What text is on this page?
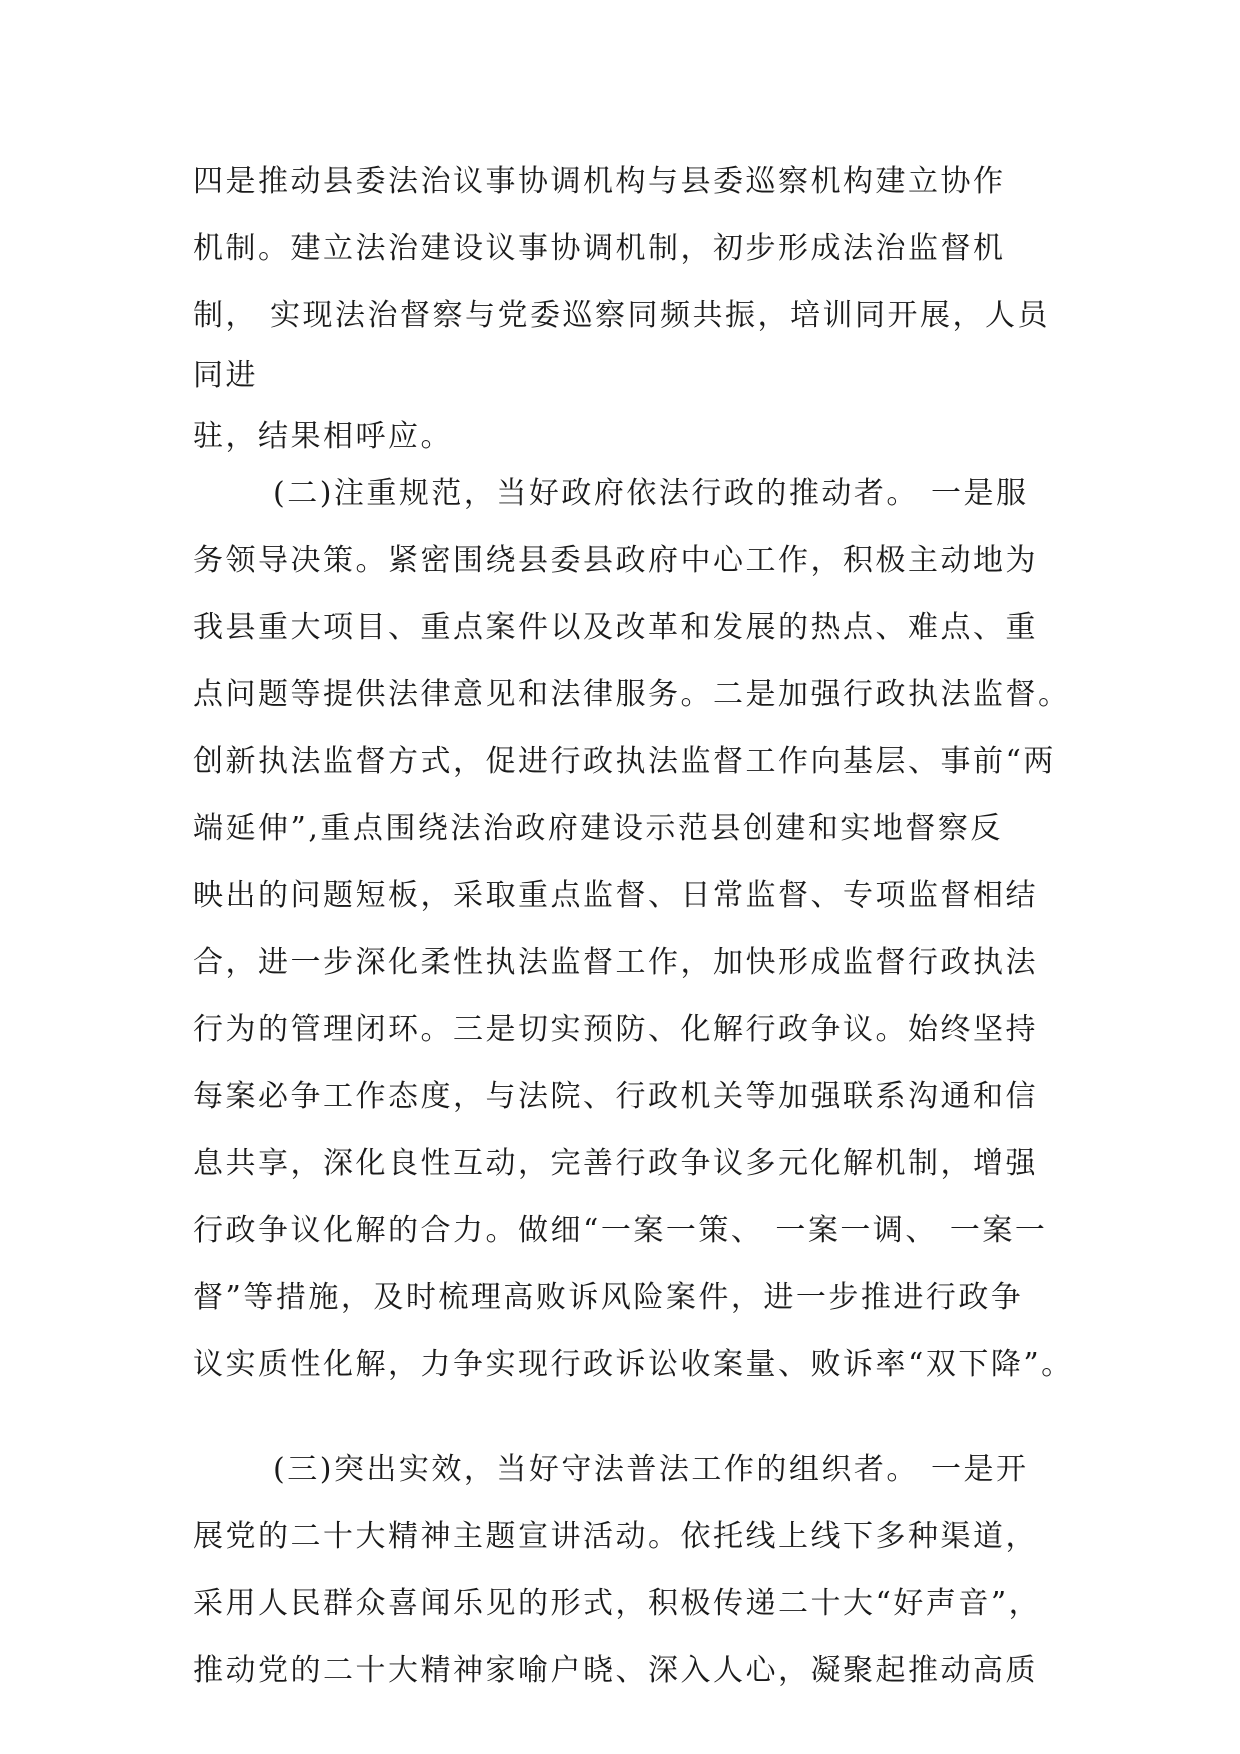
四是推动县委法治议事协调机构与县委巡察机构建立协作
机制。建立法治建设议事协调机制，初步形成法治监督机
制， 实现法治督察与党委巡察同频共振，培训同开展，人员
同进
驻，结果相呼应。
(二)注重规范，当好政府依法行政的推动者。 一是服
务领导决策。紧密围绕县委县政府中心工作，积极主动地为
我县重大项目、重点案件以及改革和发展的热点、难点、重
点问题等提供法律意见和法律服务。二是加强行政执法监督。
创新执法监督方式，促进行政执法监督工作向基层、事前“两
端延伸”,重点围绕法治政府建设示范县创建和实地督察反
映出的问题短板，采取重点监督、日常监督、专项监督相结
合，进一步深化柔性执法监督工作，加快形成监督行政执法
行为的管理闭环。三是切实预防、化解行政争议。始终坚持
每案必争工作态度，与法院、行政机关等加强联系沟通和信
息共享，深化良性互动，完善行政争议多元化解机制，增强
行政争议化解的合力。做细“一案一策、 一案一调、 一案一
督”等措施，及时梳理高败诉风险案件，进一步推进行政争
议实质性化解，力争实现行政诉讼收案量、败诉率“双下降”。
(三)突出实效，当好守法普法工作的组织者。 一是开
展党的二十大精神主题宣讲活动。依托线上线下多种渠道，
采用人民群众喜闻乐见的形式，积极传递二十大“好声音”，
推动党的二十大精神家喻户晓、深入人心，凝聚起推动高质
